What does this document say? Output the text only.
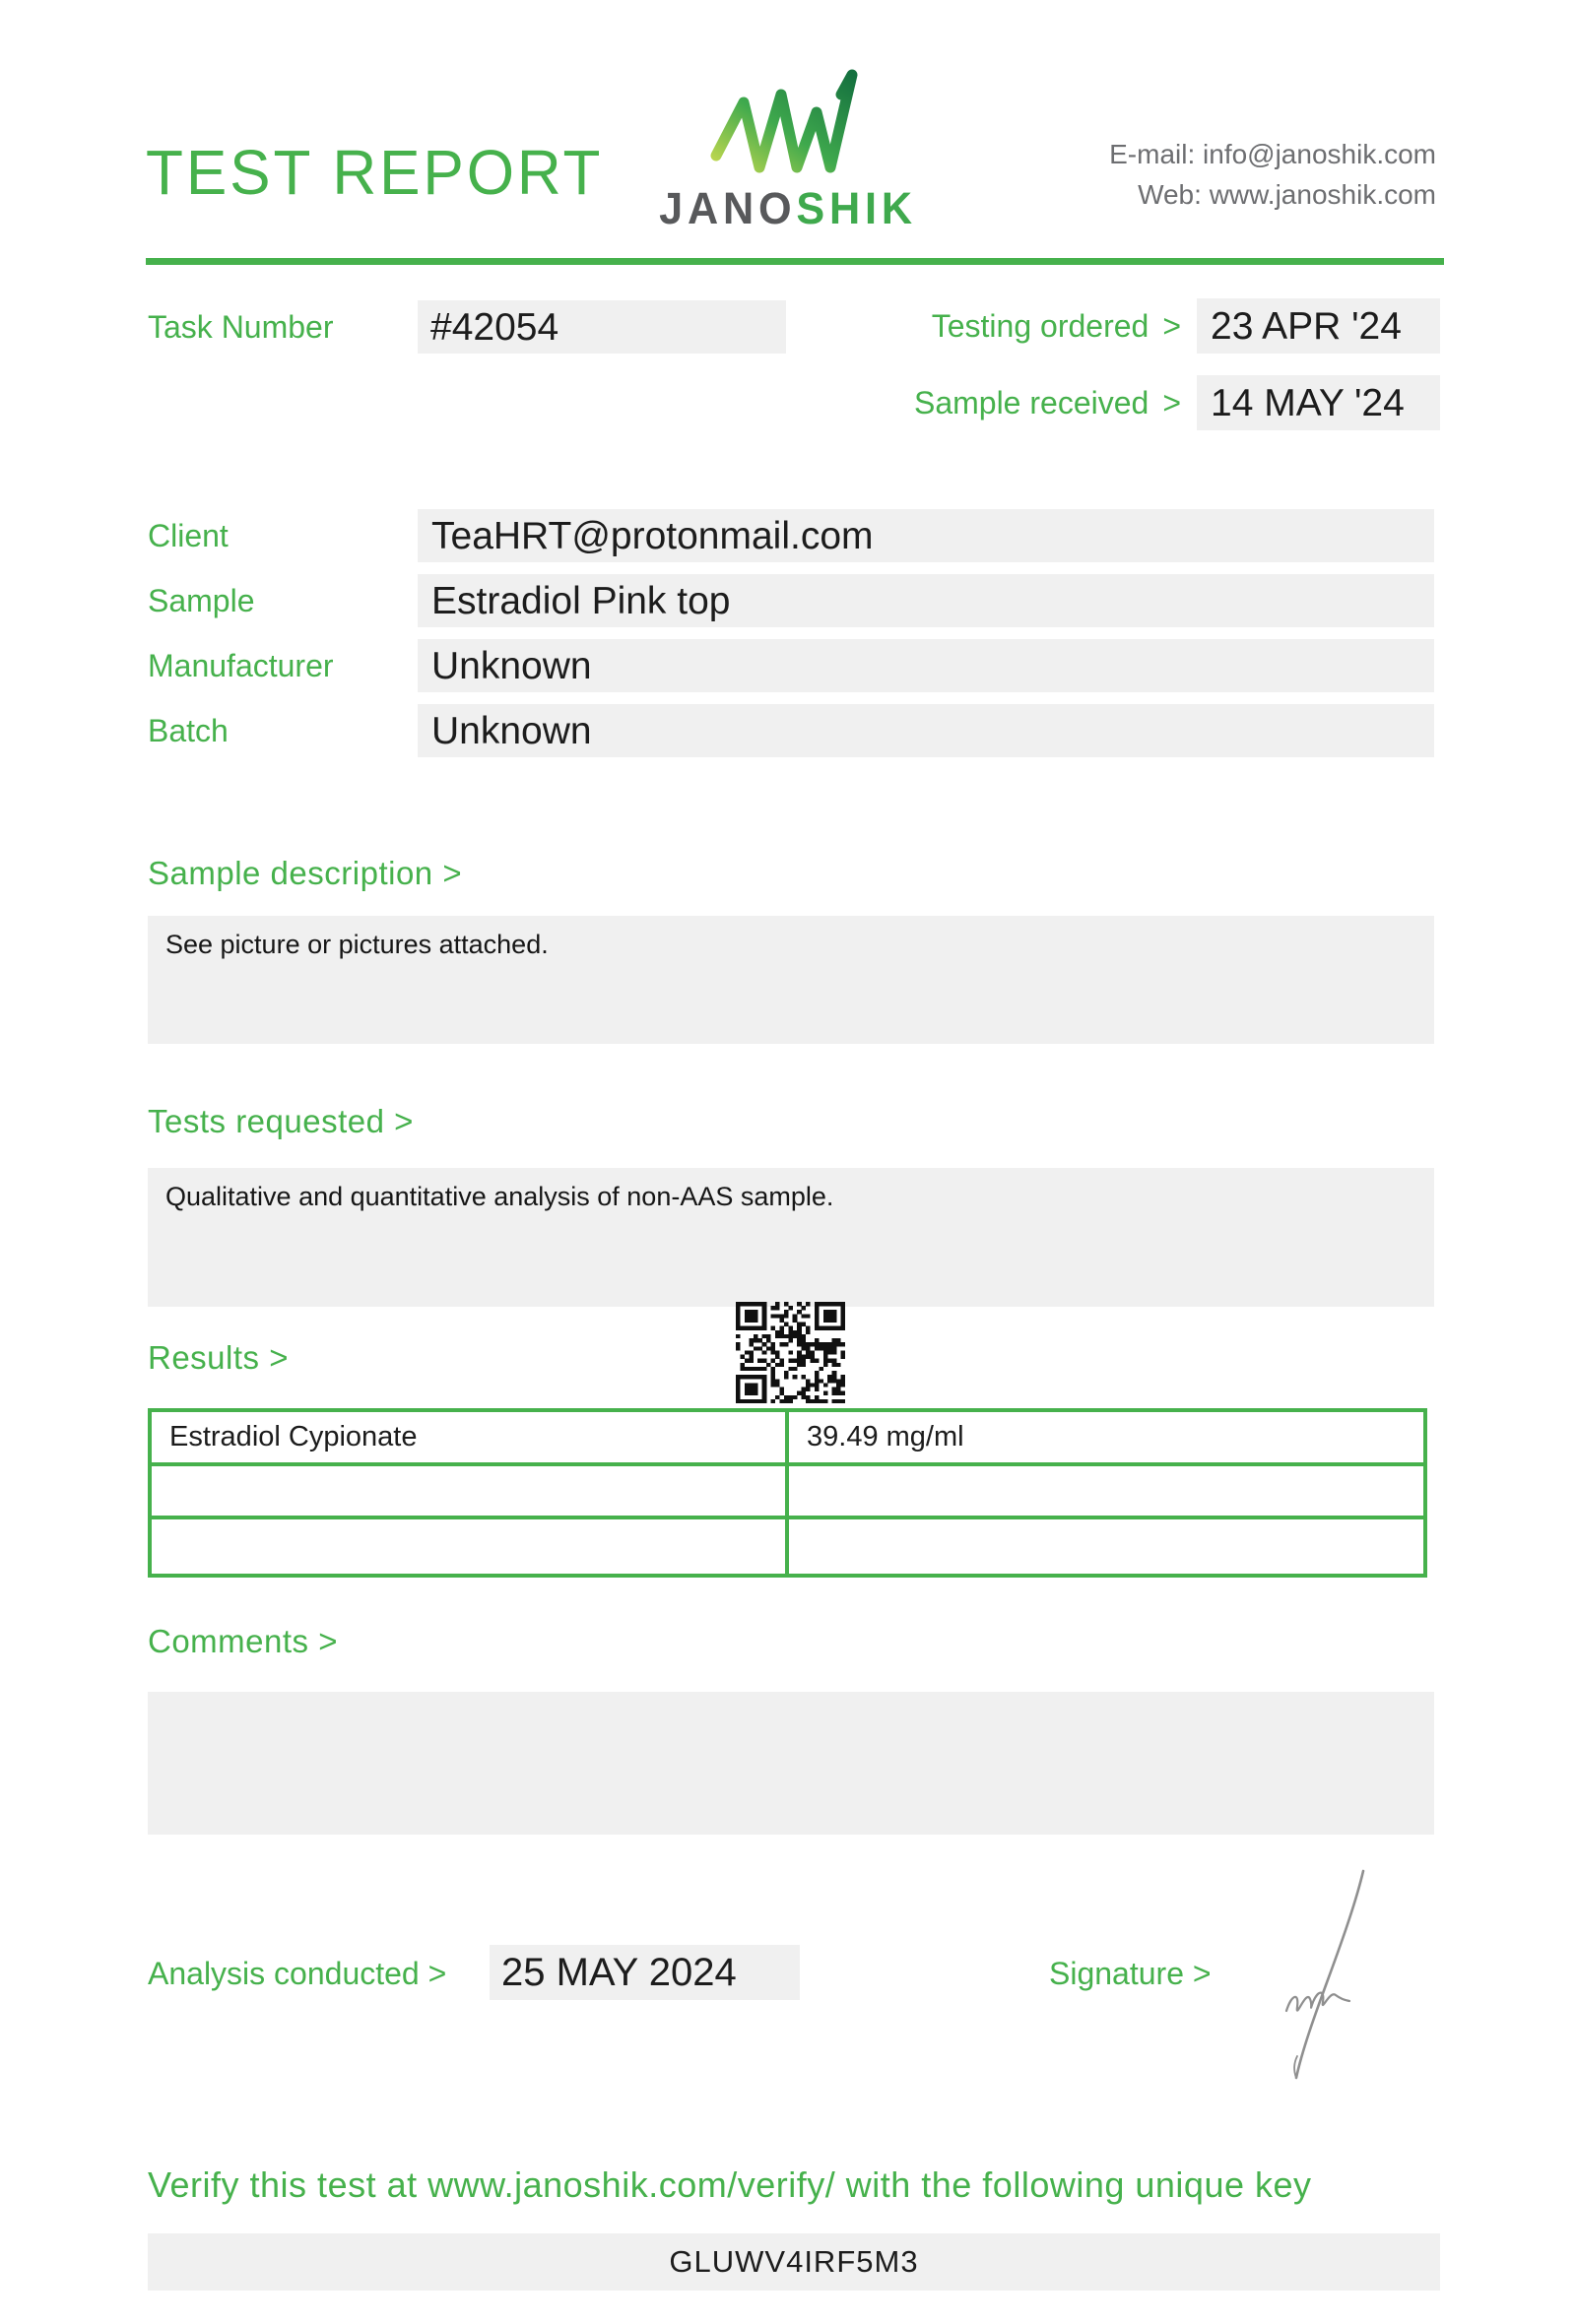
TEST REPORT
JANOSHIK
E-mail: info@janoshik.com
Web: www.janoshik.com
Task Number	#42054	Testing ordered > 23 APR '24
Sample received > 14 MAY '24
Client	TeaHRT@protonmail.com
Sample	Estradiol Pink top
Manufacturer	Unknown
Batch	Unknown
Sample description >
See picture or pictures attached.
Tests requested >
Qualitative and quantitative analysis of non-AAS sample.
Results >
Estradiol Cypionate	39.49 mg/ml
Comments >
Analysis conducted >	25 MAY 2024	Signature >
Verify this test at www.janoshik.com/verify/ with the following unique key
GLUWV4IRF5M3
